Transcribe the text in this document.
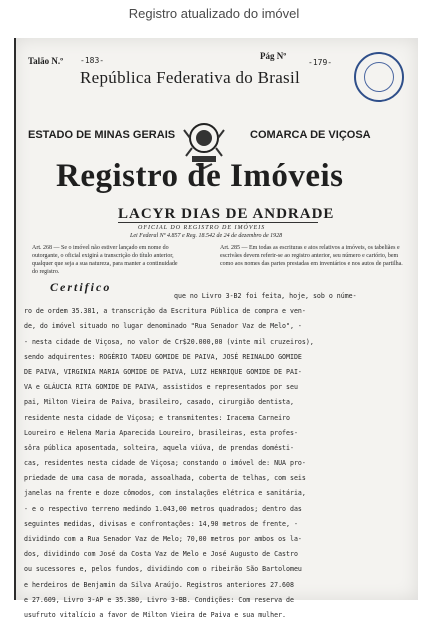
Registro atualizado do imóvel
Talão N.º -183-
República Federativa do Brasil
Pág Nº
-179-
ESTADO DE MINAS GERAIS	COMARCA DE VIÇOSA
Registro de Imóveis
LACYR DIAS DE ANDRADE
OFICIAL DO REGISTRO DE IMÓVEIS
Lei Federal Nº 4.857 e Reg. 18.542 de 24 de dezembro de 1928
Art. 268 — Se o imóvel não estiver lançado em nome do outorgante, o oficial exigirá a transcrição do título anterior, qualquer que seja a sua natureza, para manter a continuidade do registro.
Art. 285 — Em todas as escrituras e atos relativos a imóveis, os tabeliães e escrivães devem referir-se ao registro anterior, seu número e cartório, bem como aos nomes das partes prestadas em inventários e nos autos de partilha.
Certifico
que no Livro 3-B2 foi feita, hoje, sob o núme-
ro de ordem 35.381, a transcrição da Escritura Pública de compra e ven-
de, do imóvel situado no lugar denominado "Rua Senador Vaz de Melo", -
- nesta cidade de Viçosa, no valor de Cr$20.000,00 (vinte mil cruzeiros),
sendo adquirentes: ROGÉRIO TADEU GOMIDE DE PAIVA, JOSÉ REINALDO GOMIDE
DE PAIVA, VIRGINIA MARIA GOMIDE DE PAIVA, LUIZ HENRIQUE GOMIDE DE PAI-
VA e GLÁUCIA RITA GOMIDE DE PAIVA, assistidos e representados por seu
pai, Milton Vieira de Paiva, brasileiro, casado, cirurgião dentista,
residente nesta cidade de Viçosa; e transmitentes: Iracema Carneiro
Loureiro e Helena Maria Aparecida Loureiro, brasileiras, esta profes-
sôra pública aposentada, solteira, aquela viúva, de prendas domésti-
cas, residentes nesta cidade de Viçosa; constando o imóvel de: NUA pro-
priedade de uma casa de morada, assoalhada, coberta de telhas, com seis
janelas na frente e doze cômodos, com instalações elétrica e sanitária,
- e o respectivo terreno medindo 1.043,00 metros quadrados; dentro das
seguintes medidas, divisas e confrontações: 14,90 metros de frente, -
dividindo com a Rua Senador Vaz de Melo; 70,00 metros por ambos os la-
dos, dividindo com José da Costa Vaz de Melo e José Augusto de Castro
ou sucessores e, pelos fundos, dividindo com o ribeirão São Bartolomeu
e herdeiros de Benjamin da Silva Araújo. Registros anteriores 27.608
e 27.609, Livro 3-AP e 35.380, Livro 3-BB. Condições: Com reserva de
usufruto vitalício a favor de Milton Vieira de Paiva e sua mulher.
